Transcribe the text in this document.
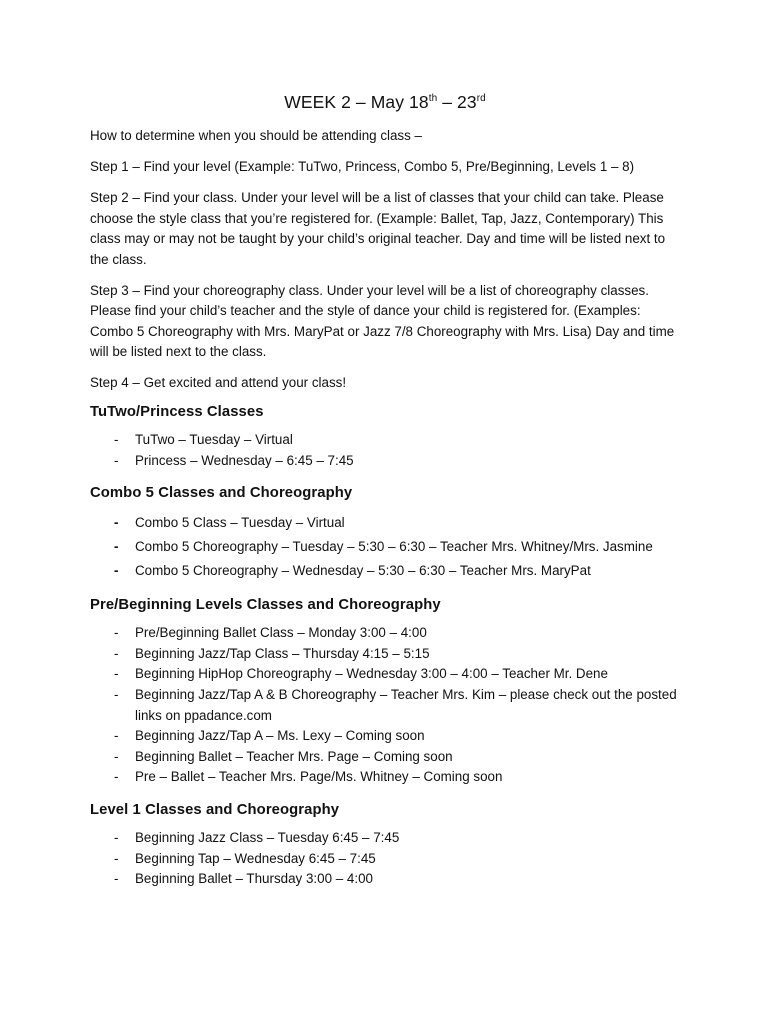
WEEK 2 – May 18th – 23rd

How to determine when you should be attending class –

Step 1 – Find your level (Example: TuTwo, Princess, Combo 5, Pre/Beginning, Levels 1 – 8)

Step 2 – Find your class. Under your level will be a list of classes that your child can take. Please choose the style class that you’re registered for. (Example: Ballet, Tap, Jazz, Contemporary) This class may or may not be taught by your child’s original teacher. Day and time will be listed next to the class.

Step 3 – Find your choreography class. Under your level will be a list of choreography classes. Please find your child’s teacher and the style of dance your child is registered for. (Examples: Combo 5 Choreography with Mrs. MaryPat or Jazz 7/8 Choreography with Mrs. Lisa) Day and time will be listed next to the class.

Step 4 – Get excited and attend your class!

TuTwo/Princess Classes
- TuTwo – Tuesday – Virtual
- Princess – Wednesday – 6:45 – 7:45
Combo 5 Classes and Choreography
- Combo 5 Class – Tuesday – Virtual
- Combo 5 Choreography – Tuesday – 5:30 – 6:30 – Teacher Mrs. Whitney/Mrs. Jasmine
- Combo 5 Choreography – Wednesday – 5:30 – 6:30 – Teacher Mrs. MaryPat
Pre/Beginning Levels Classes and Choreography
- Pre/Beginning Ballet Class – Monday 3:00 – 4:00
- Beginning Jazz/Tap Class – Thursday 4:15 – 5:15
- Beginning HipHop Choreography – Wednesday 3:00 – 4:00 – Teacher Mr. Dene
- Beginning Jazz/Tap A & B Choreography – Teacher Mrs. Kim – please check out the posted links on ppadance.com
- Beginning Jazz/Tap A – Ms. Lexy – Coming soon
- Beginning Ballet – Teacher Mrs. Page – Coming soon
- Pre – Ballet – Teacher Mrs. Page/Ms. Whitney – Coming soon
Level 1 Classes and Choreography
- Beginning Jazz Class – Tuesday 6:45 – 7:45
- Beginning Tap – Wednesday 6:45 – 7:45
- Beginning Ballet – Thursday 3:00 – 4:00
